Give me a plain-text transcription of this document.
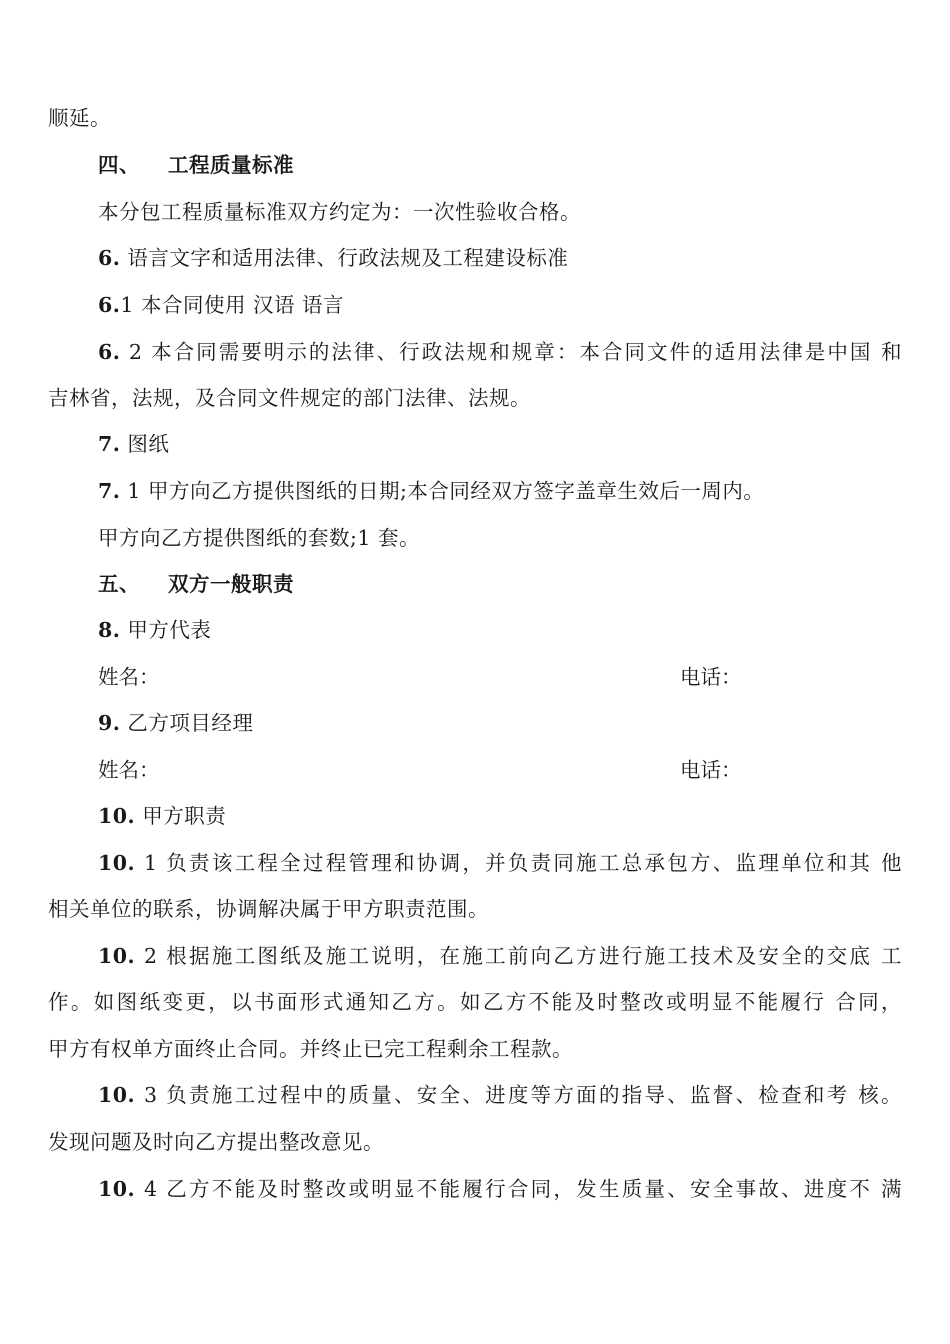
顺延。
四、 工程质量标准
本分包工程质量标准双方约定为：一次性验收合格。
6. 语言文字和适用法律、行政法规及工程建设标准
6.1 本合同使用 汉语 语言
6. 2 本合同需要明示的法律、行政法规和规章：本合同文件的适用法律是中国 和
吉林省，法规，及合同文件规定的部门法律、法规。
7. 图纸
7. 1 甲方向乙方提供图纸的日期;本合同经双方签字盖章生效后一周内。
甲方向乙方提供图纸的套数;1 套。
五、 双方一般职责
8. 甲方代表
姓名：	电话：
9. 乙方项目经理
姓名：	电话：
10. 甲方职责
10. 1 负责该工程全过程管理和协调，并负责同施工总承包方、监理单位和其 他
相关单位的联系，协调解决属于甲方职责范围。
10. 2 根据施工图纸及施工说明，在施工前向乙方进行施工技术及安全的交底 工
作。如图纸变更，以书面形式通知乙方。如乙方不能及时整改或明显不能履行 合同，
甲方有权单方面终止合同。并终止已完工程剩余工程款。
10. 3 负责施工过程中的质量、安全、进度等方面的指导、监督、检查和考 核。
发现问题及时向乙方提出整改意见。
10. 4 乙方不能及时整改或明显不能履行合同，发生质量、安全事故、进度不 满
